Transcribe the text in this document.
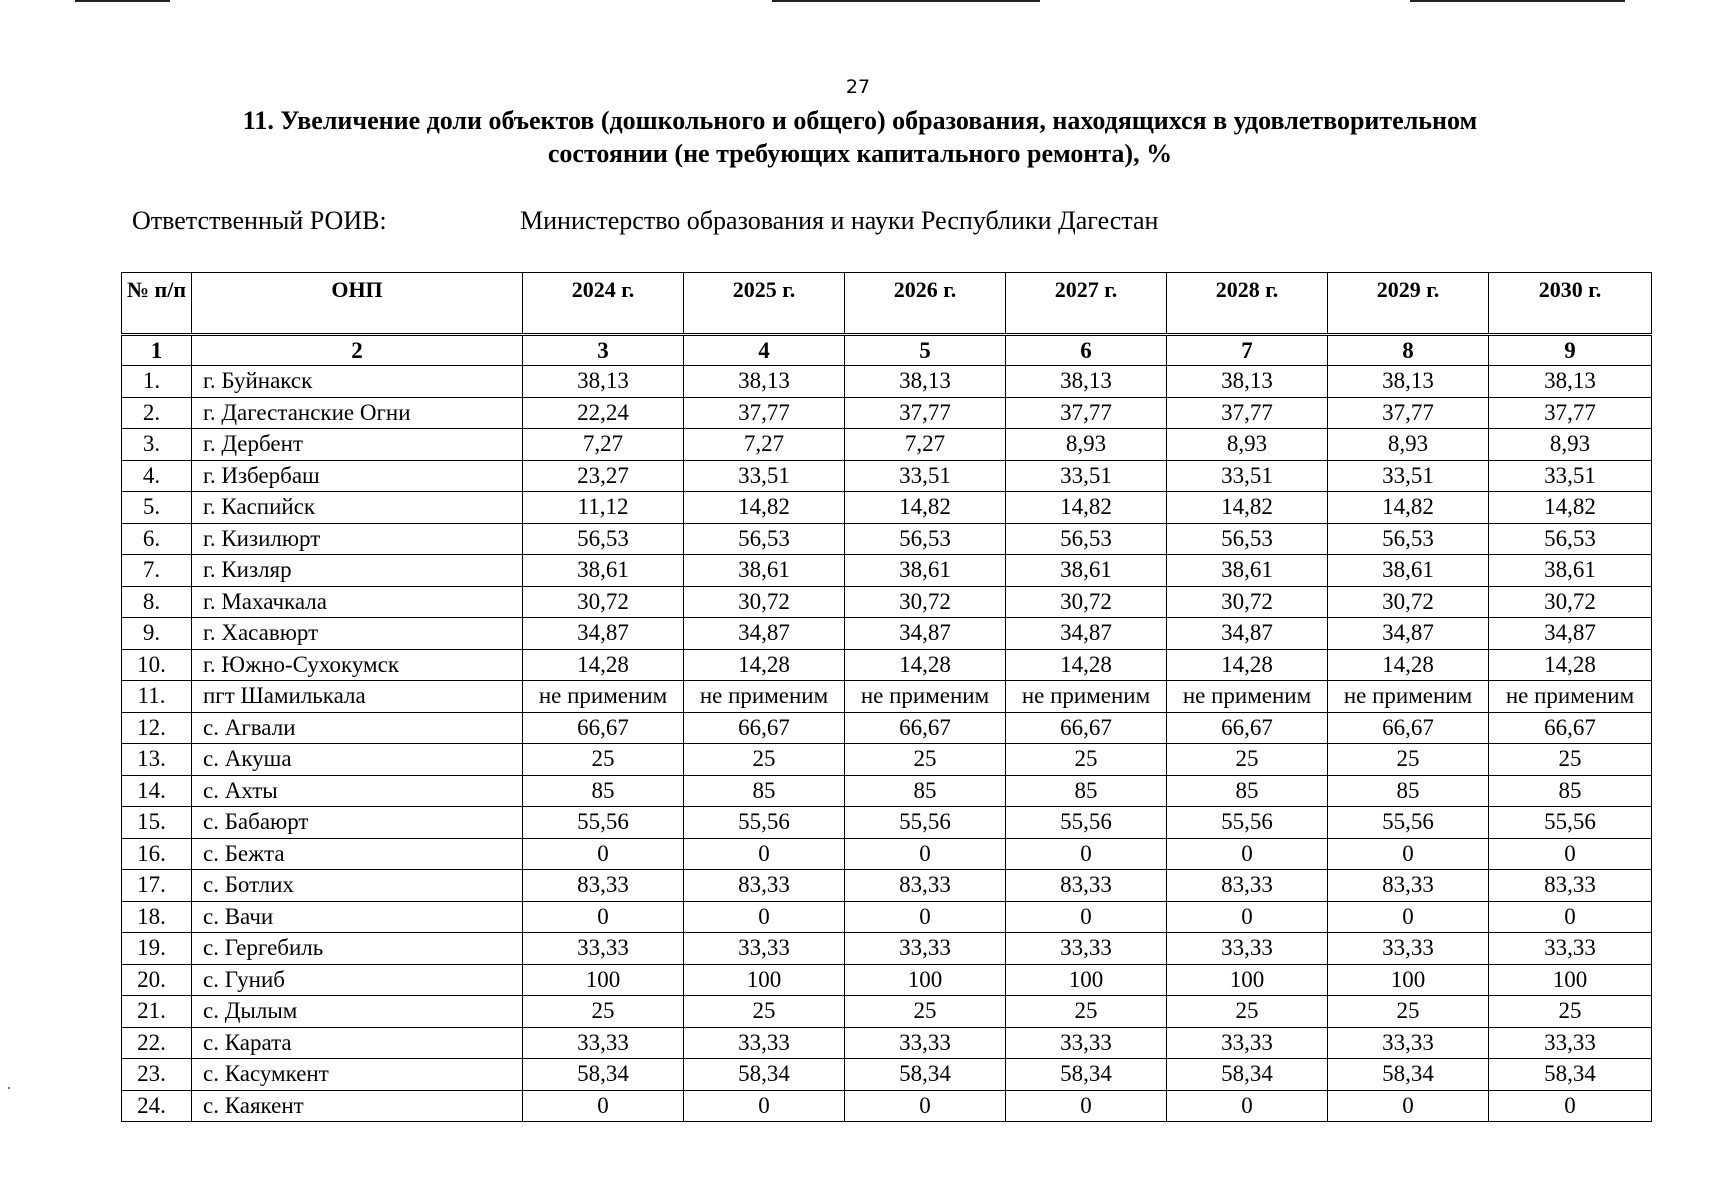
27
11. Увеличение доли объектов (дошкольного и общего) образования, находящихся в удовлетворительном
состоянии (не требующих капитального ремонта), %
Ответственный РОИВ:	Министерство образования и науки Республики Дагестан
№ п/п	ОНП	2024 г.	2025 г.	2026 г.	2027 г.	2028 г.	2029 г.	2030 г.
1	2	3	4	5	6	7	8	9
1.	г. Буйнакск	38,13	38,13	38,13	38,13	38,13	38,13	38,13
2.	г. Дагестанские Огни	22,24	37,77	37,77	37,77	37,77	37,77	37,77
3.	г. Дербент	7,27	7,27	7,27	8,93	8,93	8,93	8,93
4.	г. Избербаш	23,27	33,51	33,51	33,51	33,51	33,51	33,51
5.	г. Каспийск	11,12	14,82	14,82	14,82	14,82	14,82	14,82
6.	г. Кизилюрт	56,53	56,53	56,53	56,53	56,53	56,53	56,53
7.	г. Кизляр	38,61	38,61	38,61	38,61	38,61	38,61	38,61
8.	г. Махачкала	30,72	30,72	30,72	30,72	30,72	30,72	30,72
9.	г. Хасавюрт	34,87	34,87	34,87	34,87	34,87	34,87	34,87
10.	г. Южно-Сухокумск	14,28	14,28	14,28	14,28	14,28	14,28	14,28
11.	пгт Шамилькала	не применим	не применим	не применим	не применим	не применим	не применим	не применим
12.	с. Агвали	66,67	66,67	66,67	66,67	66,67	66,67	66,67
13.	с. Акуша	25	25	25	25	25	25	25
14.	с. Ахты	85	85	85	85	85	85	85
15.	с. Бабаюрт	55,56	55,56	55,56	55,56	55,56	55,56	55,56
16.	с. Бежта	0	0	0	0	0	0	0
17.	с. Ботлих	83,33	83,33	83,33	83,33	83,33	83,33	83,33
18.	с. Вачи	0	0	0	0	0	0	0
19.	с. Гергебиль	33,33	33,33	33,33	33,33	33,33	33,33	33,33
20.	с. Гуниб	100	100	100	100	100	100	100
21.	с. Дылым	25	25	25	25	25	25	25
22.	с. Карата	33,33	33,33	33,33	33,33	33,33	33,33	33,33
23.	с. Касумкент	58,34	58,34	58,34	58,34	58,34	58,34	58,34
24.	с. Каякент	0	0	0	0	0	0	0
